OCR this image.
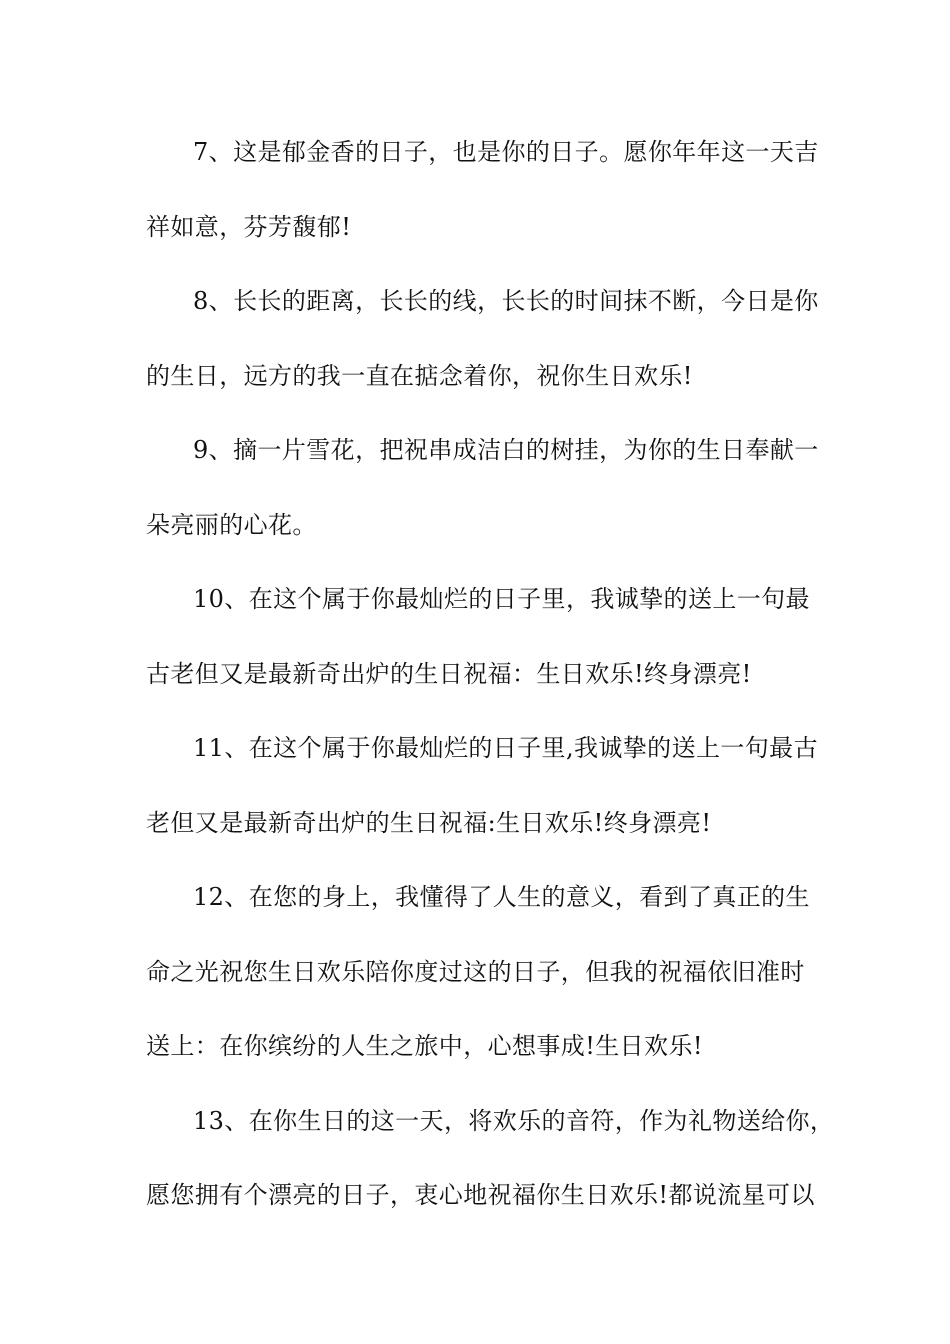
7、这是郁金香的日子，也是你的日子。愿你年年这一天吉
祥如意，芬芳馥郁!
8、长长的距离，长长的线，长长的时间抹不断，今日是你
的生日，远方的我一直在掂念着你，祝你生日欢乐!
9、摘一片雪花，把祝串成洁白的树挂，为你的生日奉献一
朵亮丽的心花。
10、在这个属于你最灿烂的日子里，我诚挚的送上一句最
古老但又是最新奇出炉的生日祝福：生日欢乐!终身漂亮!
11、在这个属于你最灿烂的日子里,我诚挚的送上一句最古
老但又是最新奇出炉的生日祝福:生日欢乐!终身漂亮!
12、在您的身上，我懂得了人生的意义，看到了真正的生
命之光祝您生日欢乐陪你度过这的日子，但我的祝福依旧准时
送上：在你缤纷的人生之旅中，心想事成!生日欢乐!
13、在你生日的这一天，将欢乐的音符，作为礼物送给你，
愿您拥有个漂亮的日子，衷心地祝福你生日欢乐!都说流星可以
